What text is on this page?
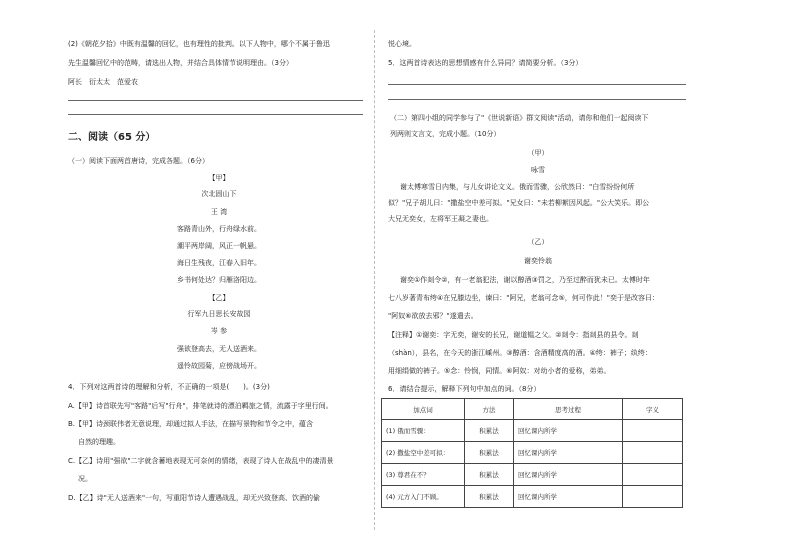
(2)《朝花夕拾》中既有温馨的回忆，也有理性的批判。以下人物中，哪个不属于鲁迅
先生温馨回忆中的范畴，请选出人物，并结合具体情节说明理由。（3分）
阿长　衍太太　范爱农
二、阅读（65 分）
（一）阅读下面两首唐诗，完成各题。（6分）
【甲】
次北固山下
王 湾
客路青山外，行舟绿水前。
潮平两岸阔，风正一帆悬。
海日生残夜，江春入旧年。
乡书何处达？归雁洛阳边。
【乙】
行军九日思长安故园
岑 参
强欲登高去，无人送酒来。
遥怜故园菊，应傍战场开。
4．下列对这两首诗的理解和分析，不正确的一项是(　　)。(3分)
A.【甲】诗首联先写"客路"后写"行舟"，排笔就诗的漂泊羁旅之情，流露于字里行间。
B.【甲】诗颈联伟者无意说理，却通过拟人手法，在描写景物和节令之中，蕴含
自然的理趣。
C.【乙】诗用"强欲"二字就含蓄地表现无可奈何的情绪，表现了诗人在战乱中的凄清景
况。
D.【乙】诗"无人送酒来"一句，写重阳节诗人遭遇战乱，却无兴致登高、饮酒的偷
悦心境。
5．这两首诗表达的思想情感有什么异同？请简要分析。（3分）
（二）第四小组的同学参与了"《世说新语》群文阅读"活动，请你和他们一起阅读下
列两则文言文，完成小题。（10分）
（甲）
咏雪
谢太傅寒雪日内集，与儿女讲论文义。俄而雪骤，公欣然曰："白雪纷纷何所
似？"兄子胡儿曰："撒盐空中差可拟。"兄女曰："未若柳絮因风起。"公大笑乐。即公
大兄无奕女，左将军王凝之妻也。
（乙）
谢奕怜翁
谢奕①作剡令②，有一老翁犯法，谢以醇酒③罚之，乃至过醉而犹未已。太傅时年
七八岁著青布绔④在兄膝边坐，谏曰："阿兄，老翁可念⑤，何可作此！"奕于是改容曰：
"阿奴⑥欲放去邪？"遂遣去。
【注释】①谢奕：字无奕，谢安的长兄，谢道韫之父。②剡令：指剡县的县令。剡
（shàn），县名，在今天的浙江嵊州。③醇酒：含酒精度高的酒。④绔：裤子；纨绔：
用细绢做的裤子。⑤念：怜悯，同情。⑥阿奴：对幼小者的爱称，弟弟。
6．请结合提示，解释下列句中加点的词。（8分）
加点词	方法	思考过程	字义
(1) 俄而雪骤：	积累法	回忆课内所学	
(2) 撒盐空中差可拟：	积累法	回忆课内所学	
(3) 尊君在不？	积累法	回忆课内所学	
(4) 元方入门不顾。	积累法	回忆课内所学	
